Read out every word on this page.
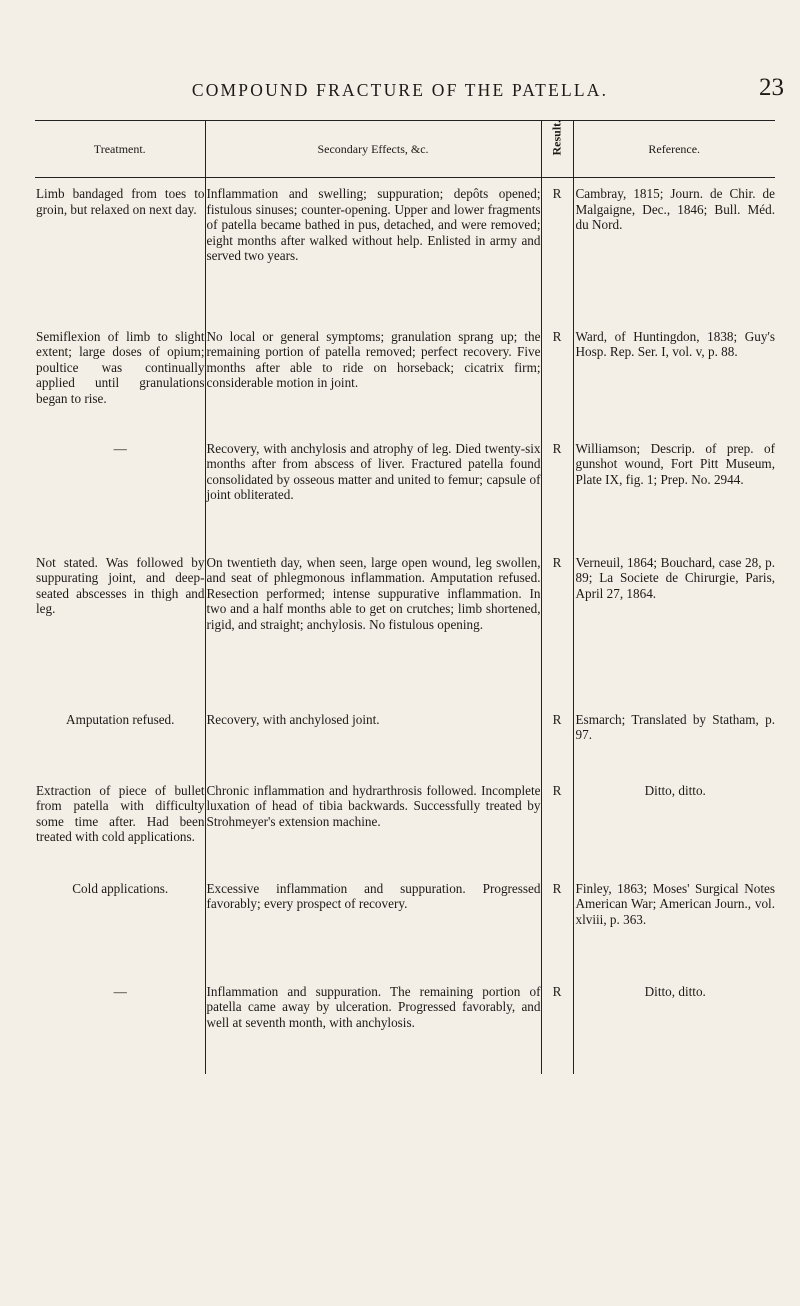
COMPOUND FRACTURE OF THE PATELLA.	23
Treatment.	Secondary Effects, &c.	Result.	Reference.
Limb bandaged from toes to groin, but relaxed on next day.	Inflammation and swelling; suppuration; depôts opened; fistulous sinuses; counter-opening. Upper and lower fragments of patella became bathed in pus, detached, and were removed; eight months after walked without help. Enlisted in army and served two years.	R	Cambray, 1815; Journ. de Chir. de Malgaigne, Dec., 1846; Bull. Méd. du Nord.
Semiflexion of limb to slight extent; large doses of opium; poultice was continually applied until granulations began to rise.	No local or general symptoms; granulation sprang up; the remaining portion of patella removed; perfect recovery. Five months after able to ride on horseback; cicatrix firm; considerable motion in joint.	R	Ward, of Huntingdon, 1838; Guy's Hosp. Rep. Ser. I, vol. v, p. 88.
—	Recovery, with anchylosis and atrophy of leg. Died twenty-six months after from abscess of liver. Fractured patella found consolidated by osseous matter and united to femur; capsule of joint obliterated.	R	Williamson; Descrip. of prep. of gunshot wound, Fort Pitt Museum, Plate IX, fig. 1; Prep. No. 2944.
Not stated. Was followed by suppurating joint, and deep-seated abscesses in thigh and leg.	On twentieth day, when seen, large open wound, leg swollen, and seat of phlegmonous inflammation. Amputation refused. Resection performed; intense suppurative inflammation. In two and a half months able to get on crutches; limb shortened, rigid, and straight; anchylosis. No fistulous opening.	R	Verneuil, 1864; Bouchard, case 28, p. 89; La Societe de Chirurgie, Paris, April 27, 1864.
Amputation refused.	Recovery, with anchylosed joint.	R	Esmarch; Translated by Statham, p. 97.
Extraction of piece of bullet from patella with difficulty some time after. Had been treated with cold applications.	Chronic inflammation and hydrarthrosis followed. Incomplete luxation of head of tibia backwards. Successfully treated by Strohmeyer's extension machine.	R	Ditto, ditto.
Cold applications.	Excessive inflammation and suppuration. Progressed favorably; every prospect of recovery.	R	Finley, 1863; Moses' Surgical Notes American War; American Journ., vol. xlviii, p. 363.
—	Inflammation and suppuration. The remaining portion of patella came away by ulceration. Progressed favorably, and well at seventh month, with anchylosis.	R	Ditto, ditto.
